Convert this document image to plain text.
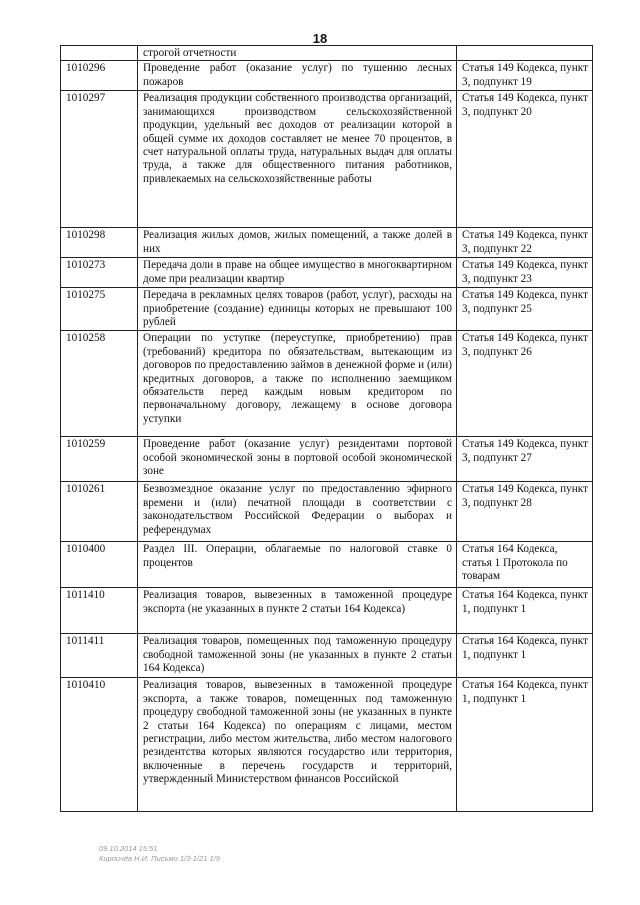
18
	строгой отчетности	
1010296	Проведение работ (оказание услуг) по тушению лесных пожаров	Статья 149 Кодекса, пункт 3, подпункт 19
1010297	Реализация продукции собственного производства организаций, занимающихся производством сельскохозяйственной продукции, удельный вес доходов от реализации которой в общей сумме их доходов составляет не менее 70 процентов, в счет натуральной оплаты труда, натуральных выдач для оплаты труда, а также для общественного питания работников, привлекаемых на сельскохозяйственные работы	Статья 149 Кодекса, пункт 3, подпункт 20
1010298	Реализация жилых домов, жилых помещений, а также долей в них	Статья 149 Кодекса, пункт 3, подпункт 22
1010273	Передача доли в праве на общее имущество в многоквартирном доме при реализации квартир	Статья 149 Кодекса, пункт 3, подпункт 23
1010275	Передача в рекламных целях товаров (работ, услуг), расходы на приобретение (создание) единицы которых не превышают 100 рублей	Статья 149 Кодекса, пункт 3, подпункт 25
1010258	Операции по уступке (переуступке, приобретению) прав (требований) кредитора по обязательствам, вытекающим из договоров по предоставлению займов в денежной форме и (или) кредитных договоров, а также по исполнению заемщиком обязательств перед каждым новым кредитором по первоначальному договору, лежащему в основе договора уступки	Статья 149 Кодекса, пункт 3, подпункт 26
1010259	Проведение работ (оказание услуг) резидентами портовой особой экономической зоны в портовой особой экономической зоне	Статья 149 Кодекса, пункт 3, подпункт 27
1010261	Безвозмездное оказание услуг по предоставлению эфирного времени и (или) печатной площади в соответствии с законодательством Российской Федерации о выборах и референдумах	Статья 149 Кодекса, пункт 3, подпункт 28
1010400	Раздел III. Операции, облагаемые по налоговой ставке 0 процентов	Статья 164 Кодекса, статья 1 Протокола по товарам
1011410	Реализация товаров, вывезенных в таможенной процедуре экспорта (не указанных в пункте 2 статьи 164 Кодекса)	Статья 164 Кодекса, пункт 1, подпункт 1
1011411	Реализация товаров, помещенных под таможенную процедуру свободной таможенной зоны (не указанных в пункте 2 статьи 164 Кодекса)	Статья 164 Кодекса, пункт 1, подпункт 1
1010410	Реализация товаров, вывезенных в таможенной процедуре экспорта, а также товаров, помещенных под таможенную процедуру свободной таможенной зоны (не указанных в пункте 2 статьи 164 Кодекса) по операциям с лицами, местом регистрации, либо местом жительства, либо местом налогового резидентства которых являются государство или территория, включенные в перечень государств и территорий, утвержденный Министерством финансов Российской	Статья 164 Кодекса, пункт 1, подпункт 1
09.10.2014 15:51
Кирпичёв Н.И. Письмо 1/3-1/21 1/9
